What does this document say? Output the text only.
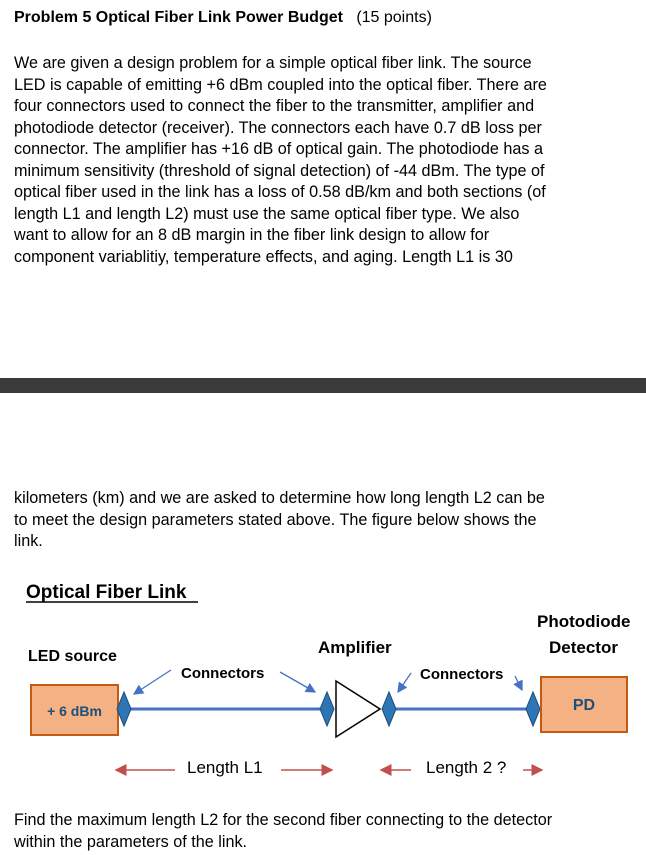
Problem 5 Optical Fiber Link Power Budget (15 points)
We are given a design problem for a simple optical fiber link. The source
LED is capable of emitting +6 dBm coupled into the optical fiber. There are
four connectors used to connect the fiber to the transmitter, amplifier and
photodiode detector (receiver). The connectors each have 0.7 dB loss per
connector. The amplifier has +16 dB of optical gain. The photodiode has a
minimum sensitivity (threshold of signal detection) of -44 dBm. The type of
optical fiber used in the link has a loss of 0.58 dB/km and both sections (of
length L1 and length L2) must use the same optical fiber type. We also
want to allow for an 8 dB margin in the fiber link design to allow for
component variablitiy, temperature effects, and aging. Length L1 is 30
kilometers (km) and we are asked to determine how long length L2 can be
to meet the design parameters stated above. The figure below shows the
link.
Optical Fiber Link
LED source
Connectors
Amplifier
Connectors
Photodiode
Detector
+ 6 dBm	PD
Length L1	Length 2 ?
Find the maximum length L2 for the second fiber connecting to the detector
within the parameters of the link.
